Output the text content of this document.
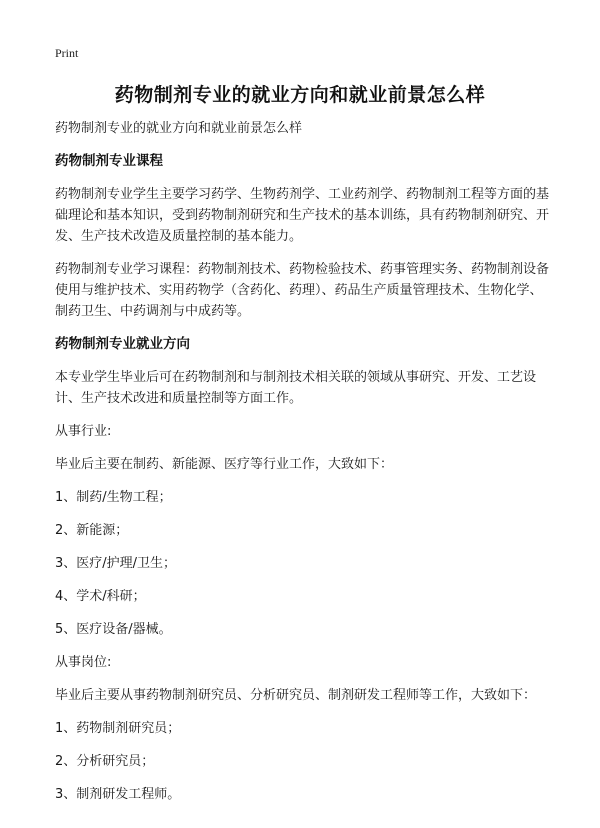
Print
药物制剂专业的就业方向和就业前景怎么样

药物制剂专业的就业方向和就业前景怎么样

药物制剂专业课程

药物制剂专业学生主要学习药学、生物药剂学、工业药剂学、药物制剂工程等方面的基础理论和基本知识，受到药物制剂研究和生产技术的基本训练，具有药物制剂研究、开发、生产技术改造及质量控制的基本能力。

药物制剂专业学习课程：药物制剂技术、药物检验技术、药事管理实务、药物制剂设备使用与维护技术、实用药物学（含药化、药理）、药品生产质量管理技术、生物化学、制药卫生、中药调剂与中成药等。

药物制剂专业就业方向

本专业学生毕业后可在药物制剂和与制剂技术相关联的领域从事研究、开发、工艺设计、生产技术改进和质量控制等方面工作。

从事行业:

毕业后主要在制药、新能源、医疗等行业工作，大致如下：

1、制药/生物工程；

2、新能源；

3、医疗/护理/卫生；

4、学术/科研；

5、医疗设备/器械。

从事岗位:

毕业后主要从事药物制剂研究员、分析研究员、制剂研发工程师等工作，大致如下：

1、药物制剂研究员；

2、分析研究员；

3、制剂研发工程师。
